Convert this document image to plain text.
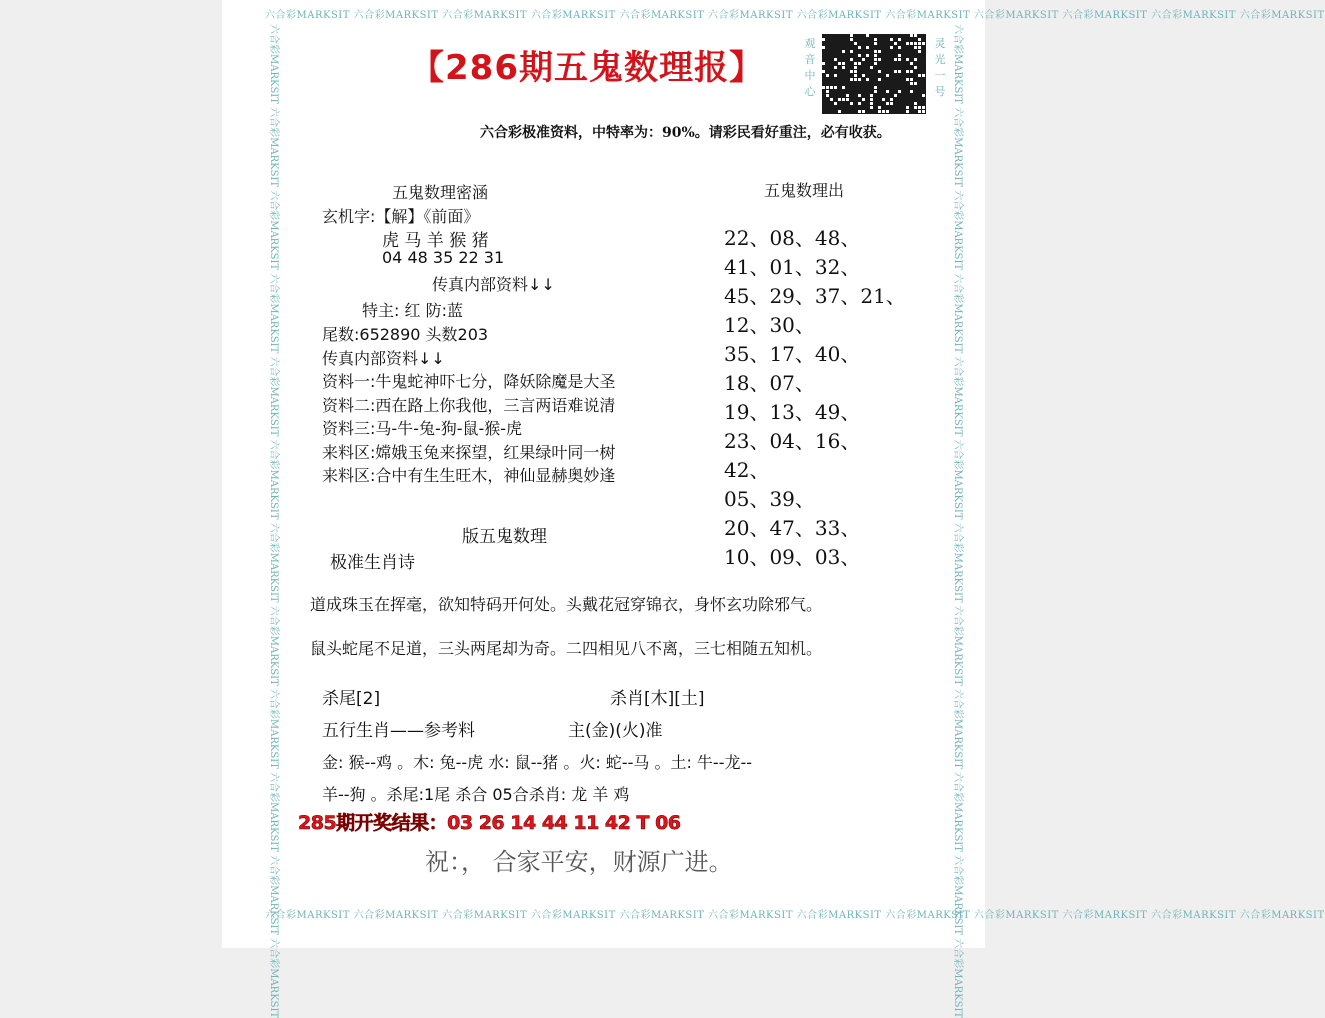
六合彩MARKSIT 六合彩MARKSIT 六合彩MARKSIT 六合彩MARKSIT 六合彩MARKSIT 六合彩MARKSIT 六合彩MARKSIT 六合彩MARKSIT 六合彩MARKSIT 六合彩MARKSIT 六合彩MARKSIT 六合彩MARKSIT
六合彩MARKSIT 六合彩MARKSIT 六合彩MARKSIT 六合彩MARKSIT 六合彩MARKSIT 六合彩MARKSIT 六合彩MARKSIT 六合彩MARKSIT 六合彩MARKSIT 六合彩MARKSIT 六合彩MARKSIT 六合彩MARKSIT
六合彩MARKSIT 六合彩MARKSIT 六合彩MARKSIT 六合彩MARKSIT 六合彩MARKSIT 六合彩MARKSIT 六合彩MARKSIT 六合彩MARKSIT 六合彩MARKSIT 六合彩MARKSIT 六合彩MARKSIT 六合彩MARKSIT	六合彩MARKSIT 六合彩MARKSIT 六合彩MARKSIT 六合彩MARKSIT 六合彩MARKSIT 六合彩MARKSIT 六合彩MARKSIT 六合彩MARKSIT 六合彩MARKSIT 六合彩MARKSIT 六合彩MARKSIT 六合彩MARKSIT
【286期五鬼数理报】
观音中心
灵光一号
六合彩极准资料，中特率为：90%。请彩民看好重注，必有收获。
五鬼数理密涵	五鬼数理出
玄机字:【解】《前面》
虎 马 羊 猴 猪
04 48 35 22 31
传真内部资料↓↓
特主: 红 防:蓝
尾数:652890 头数203
传真内部资料↓↓
资料一:牛鬼蛇神吓七分，降妖除魔是大圣
资料二:西在路上你我他，三言两语难说清
资料三:马-牛-兔-狗-鼠-猴-虎
来料区:嫦娥玉兔来探望，红果绿叶同一树
来料区:合中有生生旺木，神仙显赫奥妙逢
22、08、48、
41、01、32、
45、29、37、21、
12、30、
35、17、40、
18、07、
19、13、49、
23、04、16、
42、
05、39、
20、47、33、
10、09、03、
版五鬼数理
极准生肖诗
道成珠玉在挥毫，欲知特码开何处。头戴花冠穿锦衣，身怀玄功除邪气。
鼠头蛇尾不足道，三头两尾却为奇。二四相见八不离，三七相随五知机。
杀尾[2]	杀肖[木][土]
五行生肖——参考料	主(金)(火)准
金: 猴--鸡 。木: 兔--虎 水: 鼠--猪 。火: 蛇--马 。土: 牛--龙--
羊--狗 。杀尾:1尾 杀合 05合杀肖: 龙 羊 鸡
285期开奖结果：03 26 14 44 11 42 T 06
祝：， 合家平安，财源广进。
